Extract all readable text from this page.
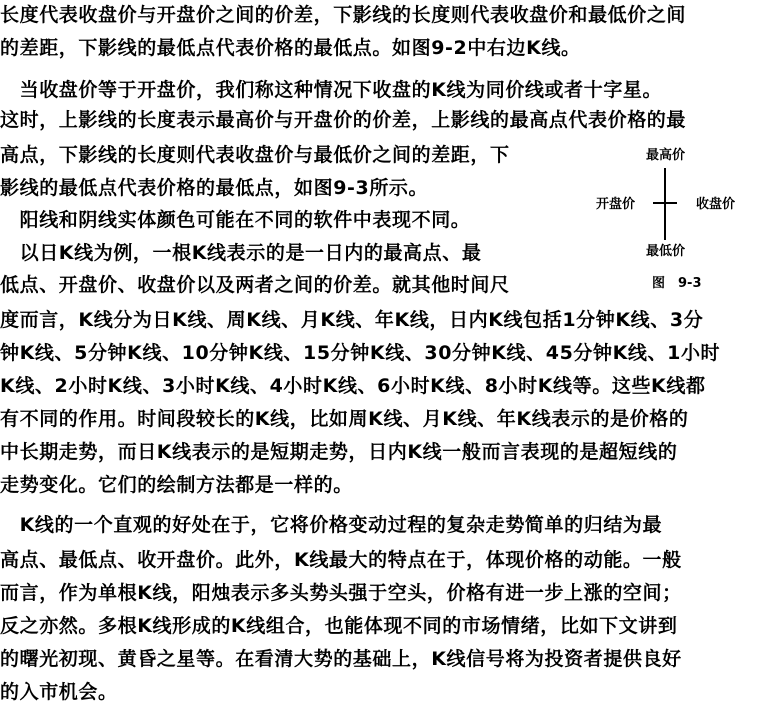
长度代表收盘价与开盘价之间的价差，下影线的长度则代表收盘价和最低价之间
的差距，下影线的最低点代表价格的最低点。如图9-2中右边K线。
　当收盘价等于开盘价，我们称这种情况下收盘的K线为同价线或者十字星。
这时，上影线的长度表示最高价与开盘价的价差，上影线的最高点代表价格的最
高点，下影线的长度则代表收盘价与最低价之间的差距，下
影线的最低点代表价格的最低点，如图9-3所示。
　阳线和阴线实体颜色可能在不同的软件中表现不同。
　以日K线为例，一根K线表示的是一日内的最高点、最
低点、开盘价、收盘价以及两者之间的价差。就其他时间尺
度而言，K线分为日K线、周K线、月K线、年K线，日内K线包括1分钟K线、3分
钟K线、5分钟K线、10分钟K线、15分钟K线、30分钟K线、45分钟K线、1小时
K线、2小时K线、3小时K线、4小时K线、6小时K线、8小时K线等。这些K线都
有不同的作用。时间段较长的K线，比如周K线、月K线、年K线表示的是价格的
中长期走势，而日K线表示的是短期走势，日内K线一般而言表现的是超短线的
走势变化。它们的绘制方法都是一样的。
　K线的一个直观的好处在于，它将价格变动过程的复杂走势简单的归结为最
高点、最低点、收开盘价。此外，K线最大的特点在于，体现价格的动能。一般
而言，作为单根K线，阳烛表示多头势头强于空头，价格有进一步上涨的空间；
反之亦然。多根K线形成的K线组合，也能体现不同的市场情绪，比如下文讲到
的曙光初现、黄昏之星等。在看清大势的基础上，K线信号将为投资者提供良好
的入市机会。
最高价
开盘价	收盘价
最低价
图　9-3
